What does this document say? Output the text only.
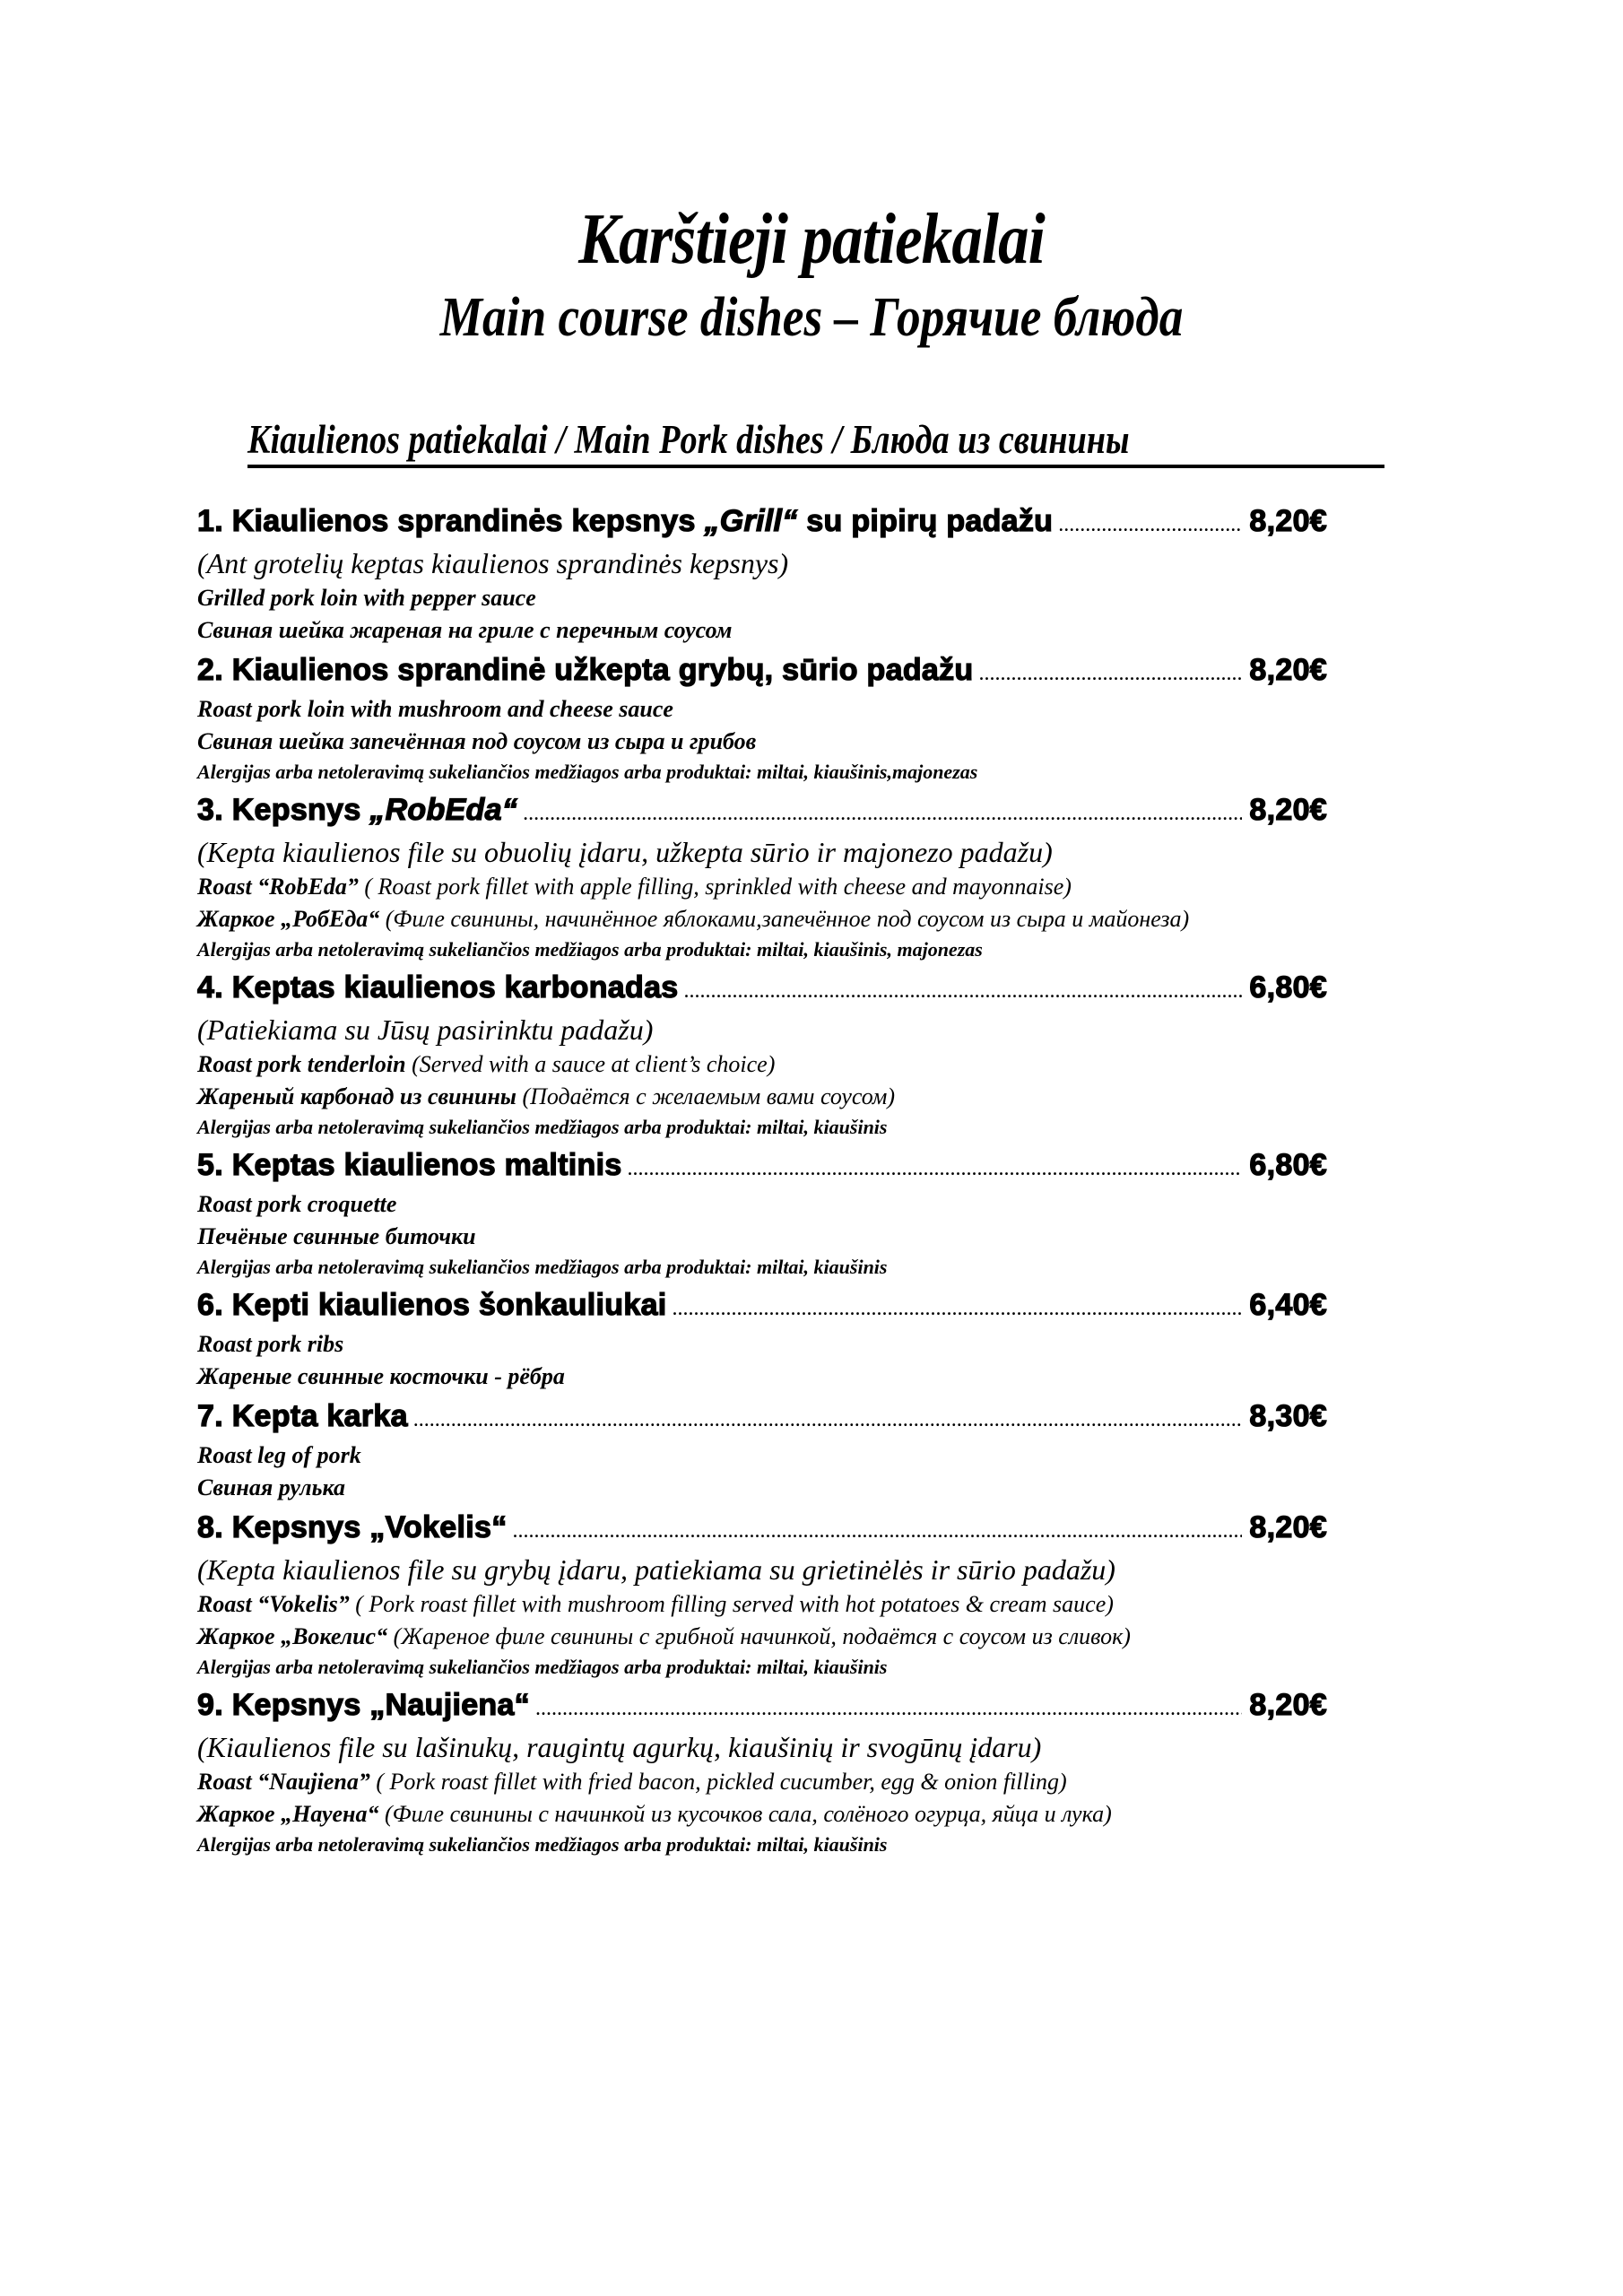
Karštieji patiekalai
Main course dishes – Горячие блюда
Kiaulienos patiekalai / Main Pork dishes / Блюда из свинины
1. Kiaulienos sprandinės kepsnys „Grill“ su pipirų padažu . . .	8,20€
(Ant grotelių keptas kiaulienos sprandinės kepsnys)
Grilled pork loin with pepper sauce
Свиная шейка жареная на гриле с перечным соусом
2. Kiaulienos sprandinė užkepta grybų, sūrio padažu . . .	8,20€
Roast pork loin with mushroom and cheese sauce
Свиная шейка запечённая под соусом из сыра и грибов
Alergijas arba netoleravimą sukeliančios medžiagos arba produktai: miltai, kiaušinis,majonezas
3. Kepsnys „RobEda“ . . .	8,20€
(Kepta kiaulienos file su obuolių įdaru, užkepta sūrio ir majonezo padažu)
Roast “RobEda” ( Roast pork fillet with apple filling, sprinkled with cheese and mayonnaise)
Жаркое „РобЕда“ (Филе свинины, начинённое яблоками,запечённое под соусом из сыра и майонеза)
Alergijas arba netoleravimą sukeliančios medžiagos arba produktai: miltai, kiaušinis, majonezas
4. Keptas kiaulienos karbonadas . . .	6,80€
(Patiekiama su Jūsų pasirinktu padažu)
Roast pork tenderloin (Served with a sauce at client’s choice)
Жареный карбонад из свинины (Подаётся с желаемым вами соусом)
Alergijas arba netoleravimą sukeliančios medžiagos arba produktai: miltai, kiaušinis
5. Keptas kiaulienos maltinis . . .	6,80€
Roast pork croquette
Печёные свинные биточки
Alergijas arba netoleravimą sukeliančios medžiagos arba produktai: miltai, kiaušinis
6. Kepti kiaulienos šonkauliukai . . .	6,40€
Roast pork ribs
Жареные свинные косточки - рёбра
7. Kepta karka . . .	8,30€
Roast leg of pork
Свиная рулька
8. Kepsnys „Vokelis“ . . .	8,20€
(Kepta kiaulienos file su grybų įdaru, patiekiama su grietinėlės ir sūrio padažu)
Roast “Vokelis” ( Pork roast fillet with mushroom filling served with hot potatoes & cream sauce)
Жаркое „Вокелис“ (Жареное филе свинины с грибной начинкой, подаётся с соусом из сливок)
Alergijas arba netoleravimą sukeliančios medžiagos arba produktai: miltai, kiaušinis
9. Kepsnys „Naujiena“ . . .	8,20€
(Kiaulienos file su lašinukų, raugintų agurkų, kiaušinių ir svogūnų įdaru)
Roast “Naujiena” ( Pork roast fillet with fried bacon, pickled cucumber, egg & onion filling)
Жаркое „Науена“ (Филе свинины с начинкой из кусочков сала, солёного огурца, яйца и лука)
Alergijas arba netoleravimą sukeliančios medžiagos arba produktai: miltai, kiaušinis
